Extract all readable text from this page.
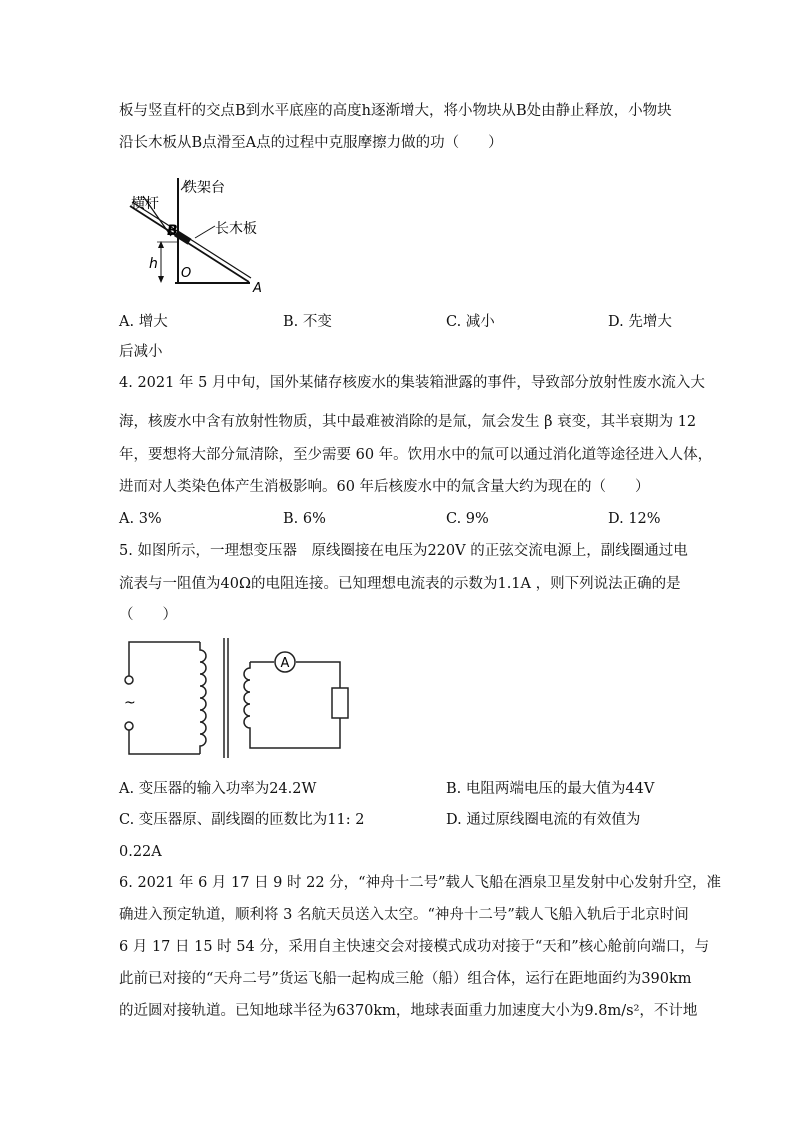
板与竖直杆的交点B到水平底座的高度h逐渐增大，将小物块从B处由静止释放，小物块
沿长木板从B点滑至A点的过程中克服摩擦力做的功（　　）
铁架台
横杆
长木板
B
h
O
A
A. 增大	B. 不变	C. 减小	D. 先增大
后减小
4. 2021 年 5 月中旬，国外某储存核废水的集装箱泄露的事件，导致部分放射性废水流入大
海，核废水中含有放射性物质，其中最难被消除的是氚，氚会发生 β 衰变，其半衰期为 12
年，要想将大部分氚清除，至少需要 60 年。饮用水中的氚可以通过消化道等途径进入人体，
进而对人类染色体产生消极影响。60 年后核废水中的氚含量大约为现在的（　　）
A. 3%	B. 6%	C. 9%	D. 12%
5. 如图所示，一理想变压器　原线圈接在电压为220V 的正弦交流电源上，副线圈通过电
流表与一阻值为40Ω的电阻连接。已知理想电流表的示数为1.1A ，则下列说法正确的是
（　　）
~
A
A. 变压器的输入功率为24.2W	B. 电阻两端电压的最大值为44V
C. 变压器原、副线圈的匝数比为11: 2	D. 通过原线圈电流的有效值为
0.22A
6. 2021 年 6 月 17 日 9 时 22 分，“神舟十二号”载人飞船在酒泉卫星发射中心发射升空，准
确进入预定轨道，顺利将 3 名航天员送入太空。“神舟十二号”载人飞船入轨后于北京时间
6 月 17 日 15 时 54 分，采用自主快速交会对接模式成功对接于“天和”核心舱前向端口，与
此前已对接的“天舟二号”货运飞船一起构成三舱（船）组合体，运行在距地面约为390km
的近圆对接轨道。已知地球半径为6370km，地球表面重力加速度大小为9.8m/s²，不计地
